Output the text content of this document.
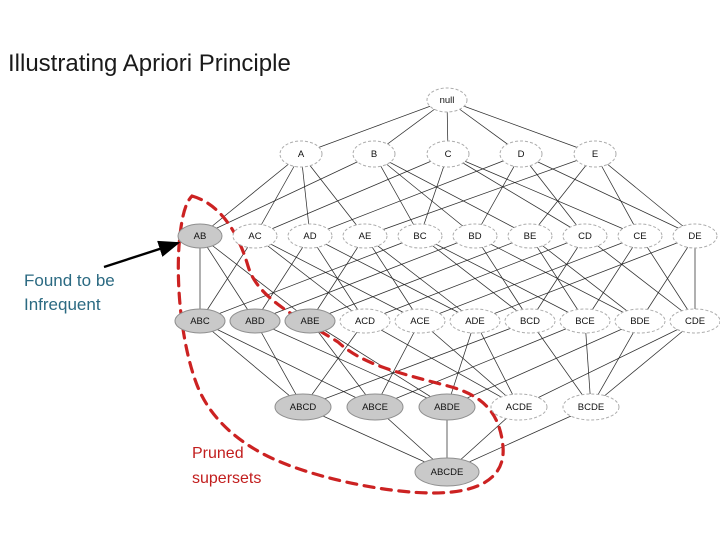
Illustrating Apriori Principle
null
A	B	C	D	E
AB	AC	AD	AE	BC	BD	BE	CD	CE	DE
ABC	ABD	ABE	ACD	ACE	ADE	BCD	BCE	BDE	CDE
ABCD	ABCE	ABDE	ACDE	BCDE
ABCDE
Found to be
Infrequent
Pruned
supersets
